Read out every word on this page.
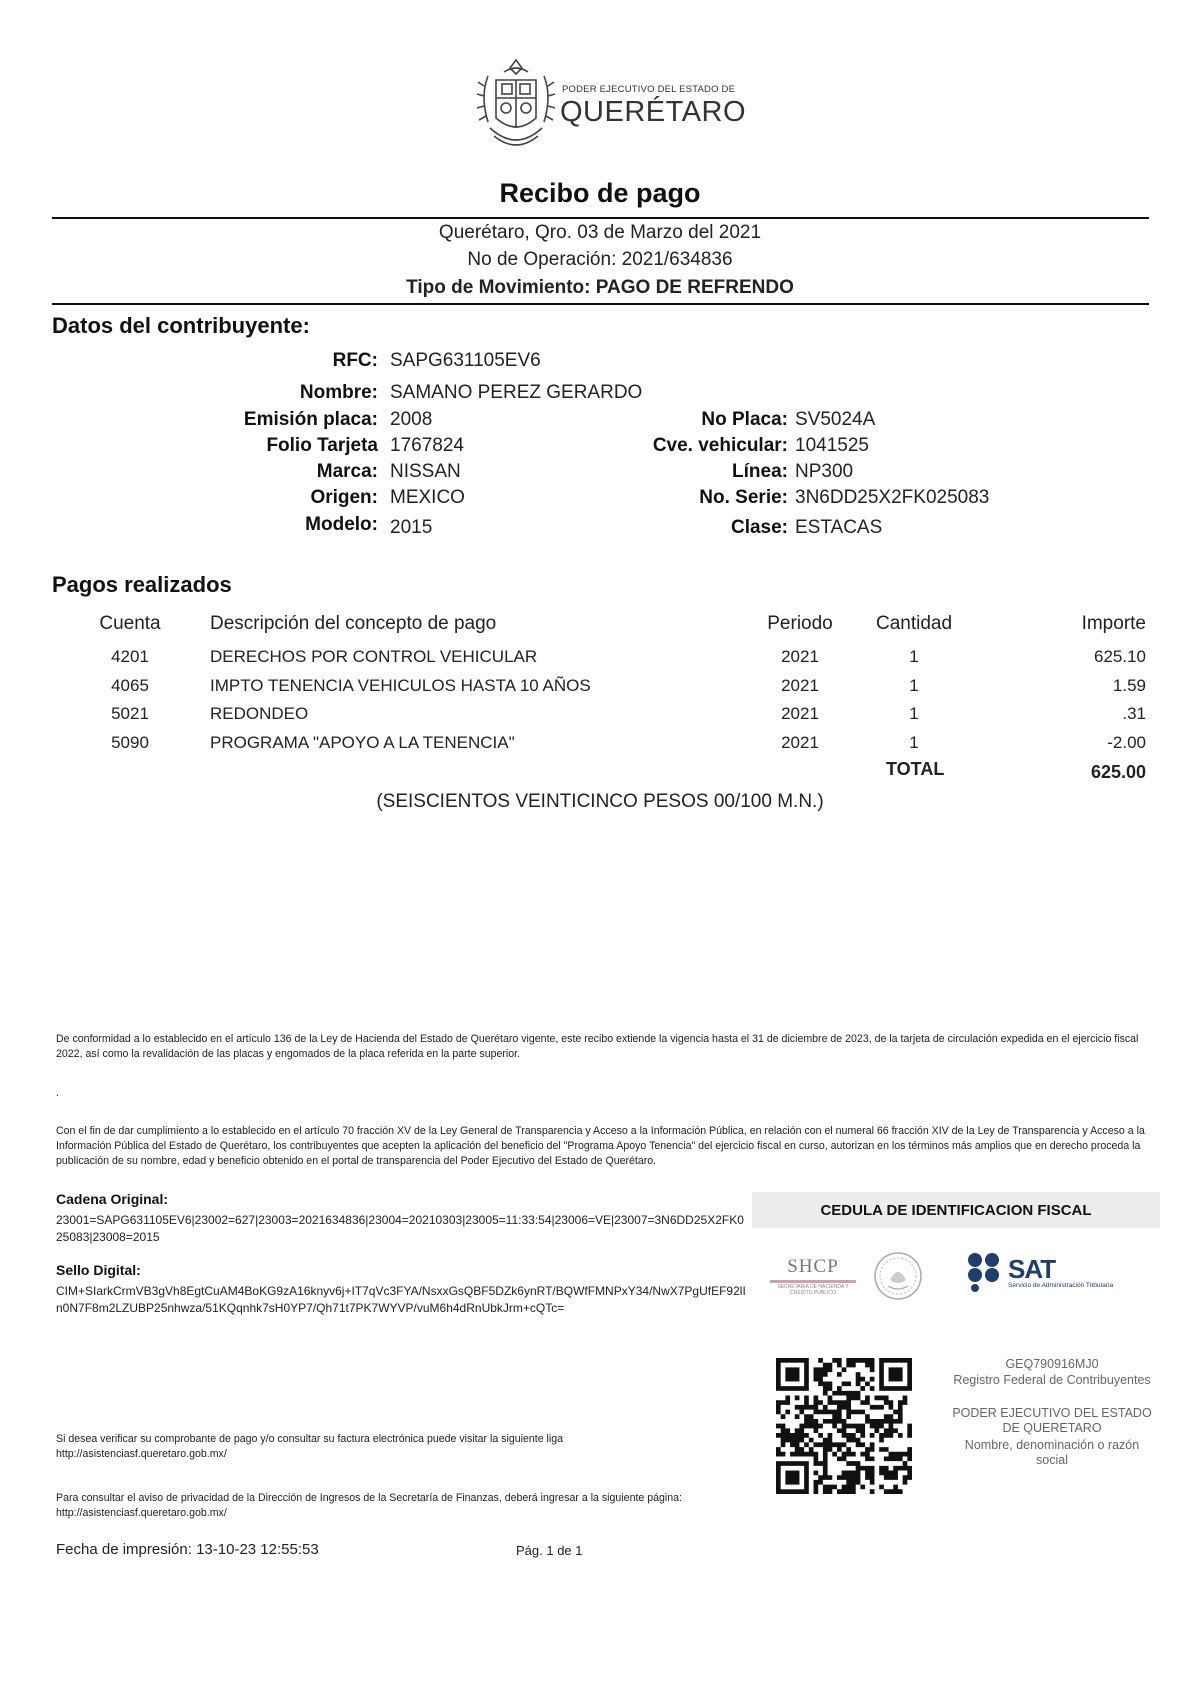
PODER EJECUTIVO DEL ESTADO DE
QUERÉTARO
Recibo de pago
Querétaro, Qro. 03 de Marzo del 2021
No de Operación: 2021/634836
Tipo de Movimiento: PAGO DE REFRENDO
Datos del contribuyente:
RFC: SAPG631105EV6
Nombre: SAMANO PEREZ GERARDO
Emisión placa: 2008	No Placa: SV5024A
Folio Tarjeta 1767824	Cve. vehicular: 1041525
Marca: NISSAN	Línea: NP300
Origen: MEXICO	No. Serie: 3N6DD25X2FK025083
Modelo: 2015	Clase: ESTACAS
Pagos realizados
Cuenta	Descripción del concepto de pago	Periodo	Cantidad	Importe
4201	DERECHOS POR CONTROL VEHICULAR	2021	1	625.10
4065	IMPTO TENENCIA VEHICULOS HASTA 10 AÑOS	2021	1	1.59
5021	REDONDEO	2021	1	.31
5090	PROGRAMA "APOYO A LA TENENCIA"	2021	1	-2.00
TOTAL	625.00
(SEISCIENTOS VEINTICINCO PESOS 00/100 M.N.)
De conformidad a lo establecido en el artículo 136 de la Ley de Hacienda del Estado de Querétaro vigente, este recibo extiende la vigencia hasta el 31 de diciembre de 2023, de la tarjeta de circulación expedida en el ejercicio fiscal 2022, así como la revalidación de las placas y engomados de la placa referida en la parte superior.
.
Con el fin de dar cumplimiento a lo establecido en el artículo 70 fracción XV de la Ley General de Transparencia y Acceso a la Información Pública, en relación con el numeral 66 fracción XIV de la Ley de Transparencia y Acceso a la Información Pública del Estado de Querétaro, los contribuyentes que acepten la aplicación del beneficio del "Programa Apoyo Tenencia" del ejercicio fiscal en curso, autorizan en los términos más amplios que en derecho proceda la publicación de su nombre, edad y beneficio obtenido en el portal de transparencia del Poder Ejecutivo del Estado de Querétaro.
Cadena Original:
23001=SAPG631105EV6|23002=627|23003=2021634836|23004=20210303|23005=11:33:54|23006=VE|23007=3N6DD25X2FK025083|23008=2015
Sello Digital:
CIM+SIarkCrmVB3gVh8EgtCuAM4BoKG9zA16knyv6j+IT7qVc3FYA/NsxxGsQBF5DZk6ynRT/BQWfFMNPxY34/NwX7PgUfEF92lIn0N7F8m2LZUBP25nhwza/51KQqnhk7sH0YP7/Qh71t7PK7WYVP/vuM6h4dRnUbkJrm+cQTc=
Si desea verificar su comprobante de pago y/o consultar su factura electrónica puede visitar la siguiente liga
http://asistenciasf.queretaro.gob.mx/
Para consultar el aviso de privacidad de la Dirección de Ingresos de la Secretaría de Finanzas, deberá ingresar a la siguiente página: http://asistenciasf.queretaro.gob.mx/
CEDULA DE IDENTIFICACION FISCAL
SHCP
SECRETARÍA DE HACIENDA Y CRÉDITO PÚBLICO
SAT
Servicio de Administración Tributaria
GEQ790916MJ0
Registro Federal de Contribuyentes
PODER EJECUTIVO DEL ESTADO DE QUERETARO
Nombre, denominación o razón social
Fecha de impresión: 13-10-23 12:55:53	Pág. 1 de 1
